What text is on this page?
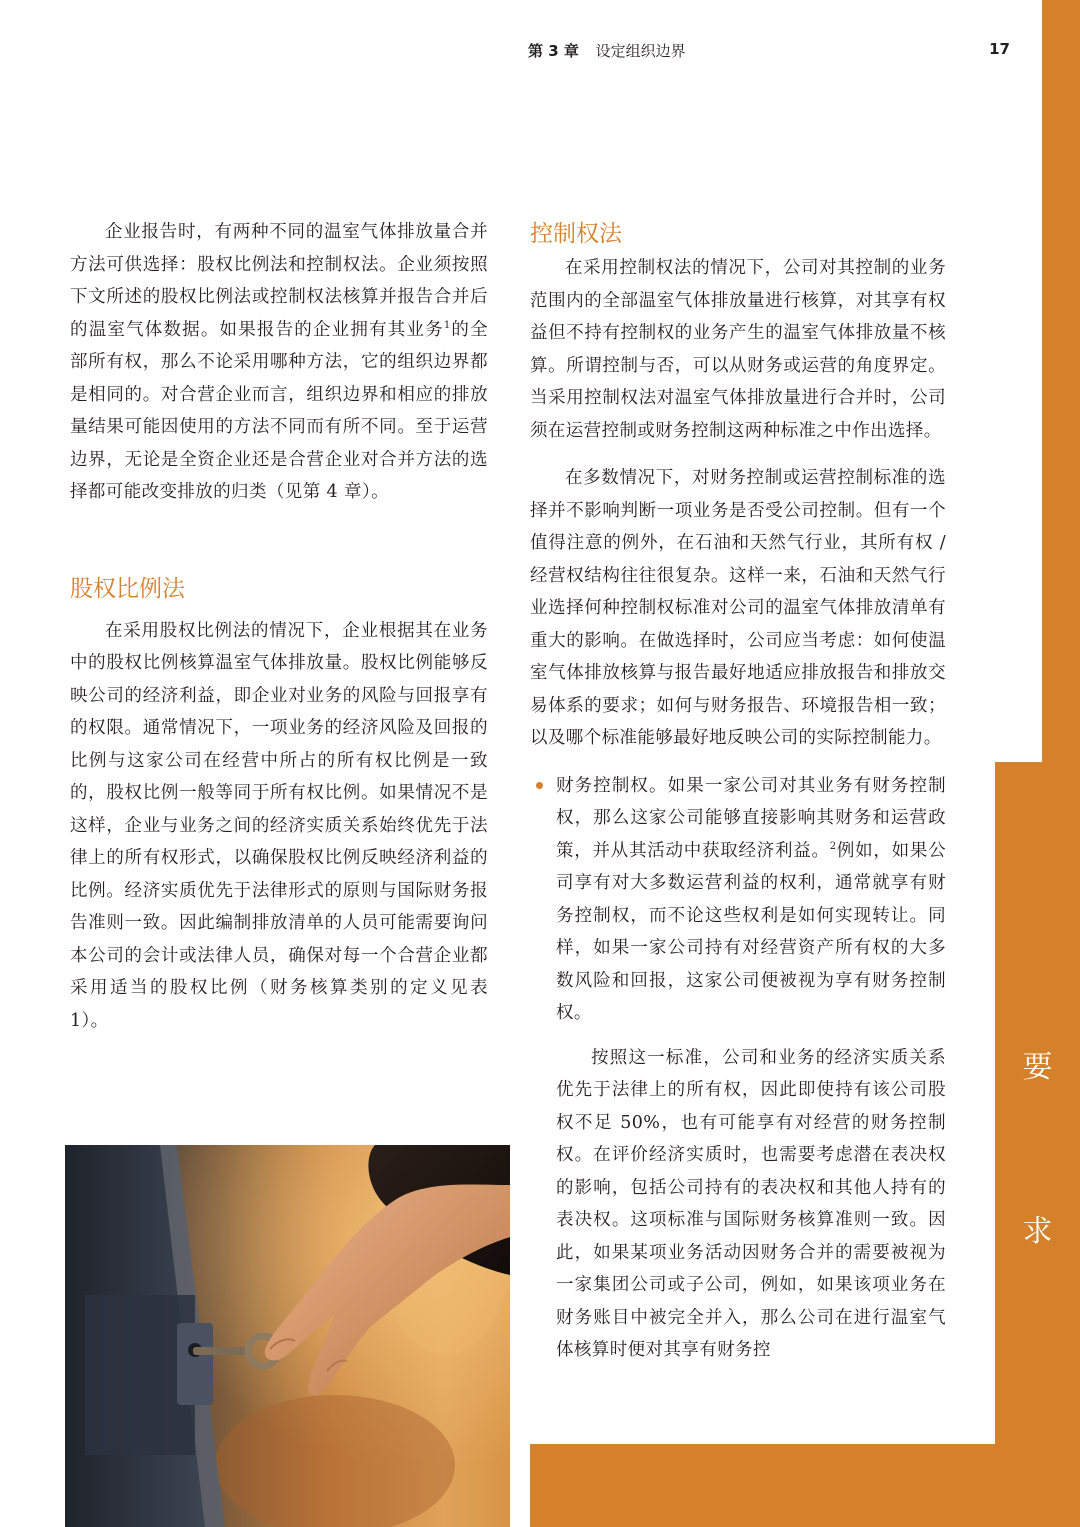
第 3 章 设定组织边界	17

企业报告时，有两种不同的温室气体排放量合并方法可供选择：股权比例法和控制权法。企业须按照下文所述的股权比例法或控制权法核算并报告合并后的温室气体数据。如果报告的企业拥有其业务$^1$的全部所有权，那么不论采用哪种方法，它的组织边界都是相同的。对合营企业而言，组织边界和相应的排放量结果可能因使用的方法不同而有所不同。至于运营边界，无论是全资企业还是合营企业对合并方法的选择都可能改变排放的归类（见第 4 章）。

股权比例法

在采用股权比例法的情况下，企业根据其在业务中的股权比例核算温室气体排放量。股权比例能够反映公司的经济利益，即企业对业务的风险与回报享有的权限。通常情况下，一项业务的经济风险及回报的比例与这家公司在经营中所占的所有权比例是一致的，股权比例一般等同于所有权比例。如果情况不是这样，企业与业务之间的经济实质关系始终优先于法律上的所有权形式，以确保股权比例反映经济利益的比例。经济实质优先于法律形式的原则与国际财务报告准则一致。因此编制排放清单的人员可能需要询问本公司的会计或法律人员，确保对每一个合营企业都采用适当的股权比例（财务核算类别的定义见表 1）。

控制权法

在采用控制权法的情况下，公司对其控制的业务范围内的全部温室气体排放量进行核算，对其享有权益但不持有控制权的业务产生的温室气体排放量不核算。所谓控制与否，可以从财务或运营的角度界定。当采用控制权法对温室气体排放量进行合并时，公司须在运营控制或财务控制这两种标准之中作出选择。

在多数情况下，对财务控制或运营控制标准的选择并不影响判断一项业务是否受公司控制。但有一个值得注意的例外，在石油和天然气行业，其所有权 / 经营权结构往往很复杂。这样一来，石油和天然气行业选择何种控制权标准对公司的温室气体排放清单有重大的影响。在做选择时，公司应当考虑：如何使温室气体排放核算与报告最好地适应排放报告和排放交易体系的要求；如何与财务报告、环境报告相一致；以及哪个标准能够最好地反映公司的实际控制能力。

财务控制权。如果一家公司对其业务有财务控制权，那么这家公司能够直接影响其财务和运营政策，并从其活动中获取经济利益。$^2$例如，如果公司享有对大多数运营利益的权利，通常就享有财务控制权，而不论这些权利是如何实现转让。同样，如果一家公司持有对经营资产所有权的大多数风险和回报，这家公司便被视为享有财务控制权。

按照这一标准，公司和业务的经济实质关系优先于法律上的所有权，因此即使持有该公司股权不足 50%，也有可能享有对经营的财务控制权。在评价经济实质时，也需要考虑潜在表决权的影响，包括公司持有的表决权和其他人持有的表决权。这项标准与国际财务核算准则一致。因此，如果某项业务活动因财务合并的需要被视为一家集团公司或子公司，例如，如果该项业务在财务账目中被完全并入，那么公司在进行温室气体核算时便对其享有财务控

要
求
